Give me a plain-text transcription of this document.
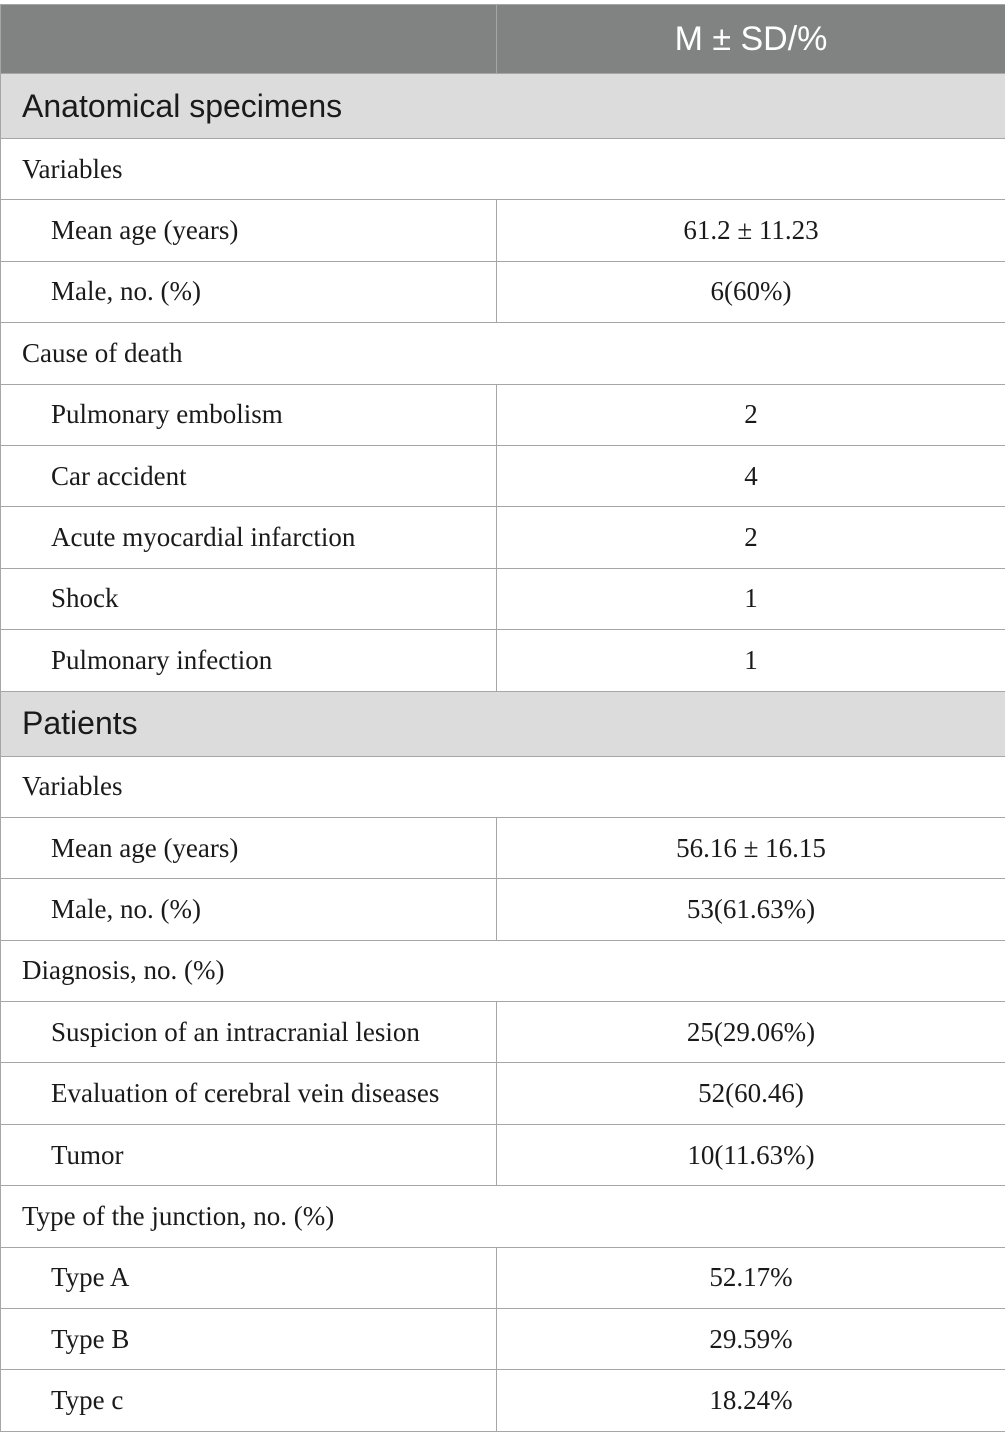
	M ± SD/%
Anatomical specimens	
Variables	
Mean age (years)	61.2 ± 11.23
Male, no. (%)	6(60%)
Cause of death	
Pulmonary embolism	2
Car accident	4
Acute myocardial infarction	2
Shock	1
Pulmonary infection	1
Patients	
Variables	
Mean age (years)	56.16 ± 16.15
Male, no. (%)	53(61.63%)
Diagnosis, no. (%)	
Suspicion of an intracranial lesion	25(29.06%)
Evaluation of cerebral vein diseases	52(60.46)
Tumor	10(11.63%)
Type of the junction, no. (%)	
Type A	52.17%
Type B	29.59%
Type c	18.24%
